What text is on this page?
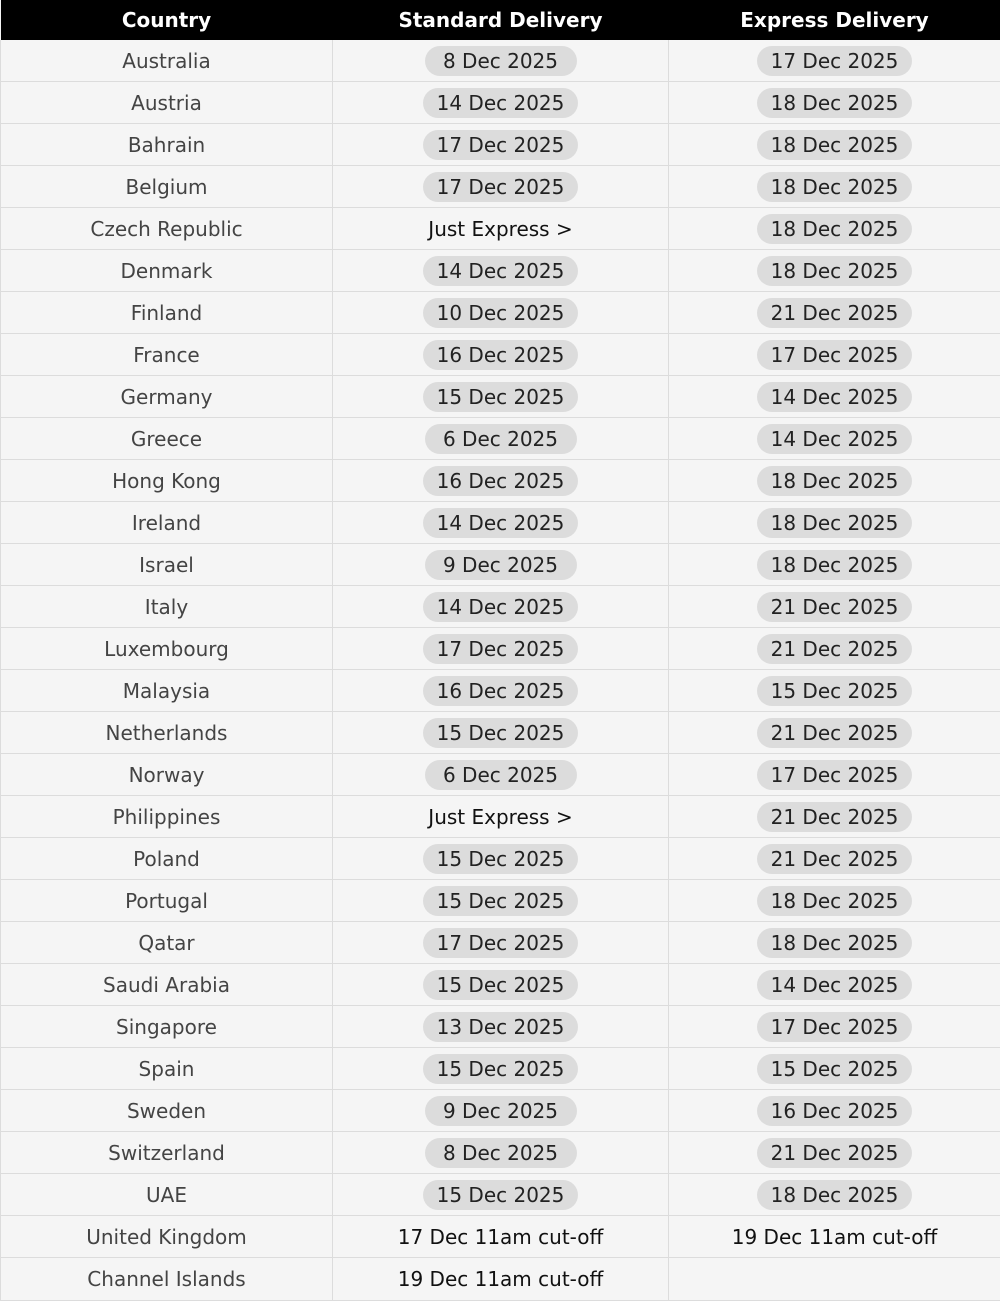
Country	Standard Delivery	Express Delivery
Australia	8 Dec 2025	17 Dec 2025
Austria	14 Dec 2025	18 Dec 2025
Bahrain	17 Dec 2025	18 Dec 2025
Belgium	17 Dec 2025	18 Dec 2025
Czech Republic	Just Express >	18 Dec 2025
Denmark	14 Dec 2025	18 Dec 2025
Finland	10 Dec 2025	21 Dec 2025
France	16 Dec 2025	17 Dec 2025
Germany	15 Dec 2025	14 Dec 2025
Greece	6 Dec 2025	14 Dec 2025
Hong Kong	16 Dec 2025	18 Dec 2025
Ireland	14 Dec 2025	18 Dec 2025
Israel	9 Dec 2025	18 Dec 2025
Italy	14 Dec 2025	21 Dec 2025
Luxembourg	17 Dec 2025	21 Dec 2025
Malaysia	16 Dec 2025	15 Dec 2025
Netherlands	15 Dec 2025	21 Dec 2025
Norway	6 Dec 2025	17 Dec 2025
Philippines	Just Express >	21 Dec 2025
Poland	15 Dec 2025	21 Dec 2025
Portugal	15 Dec 2025	18 Dec 2025
Qatar	17 Dec 2025	18 Dec 2025
Saudi Arabia	15 Dec 2025	14 Dec 2025
Singapore	13 Dec 2025	17 Dec 2025
Spain	15 Dec 2025	15 Dec 2025
Sweden	9 Dec 2025	16 Dec 2025
Switzerland	8 Dec 2025	21 Dec 2025
UAE	15 Dec 2025	18 Dec 2025
United Kingdom	17 Dec 11am cut-off	19 Dec 11am cut-off
Channel Islands	19 Dec 11am cut-off	
